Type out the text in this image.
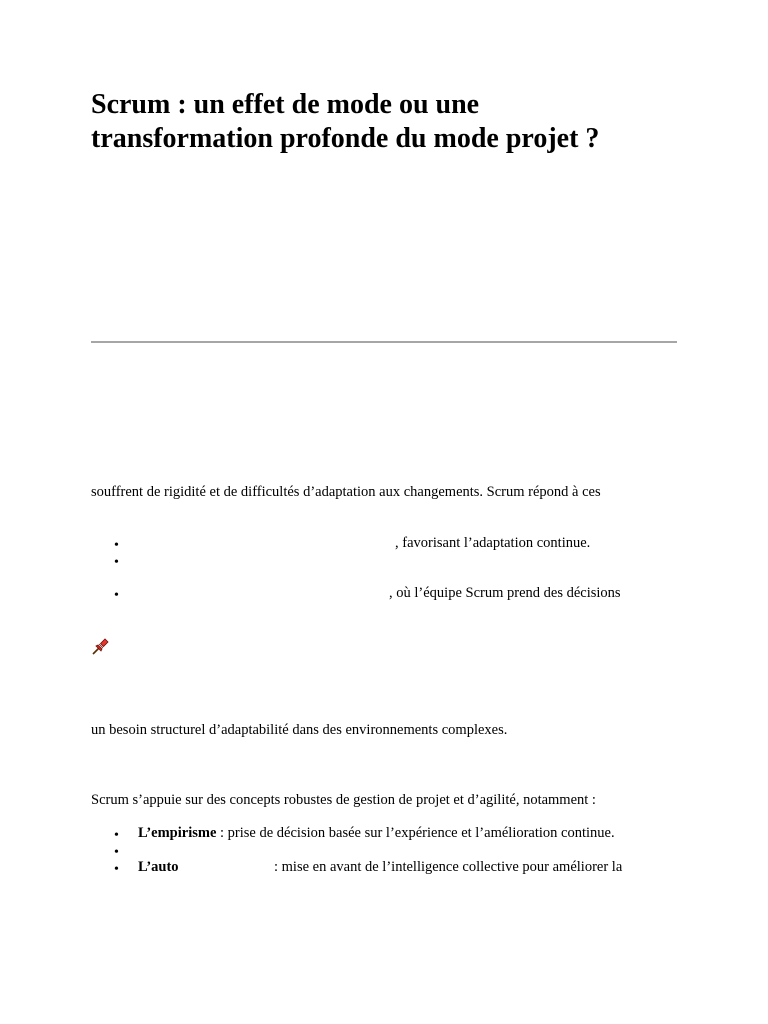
Scrum : un effet de mode ou une
transformation profonde du mode projet ?
souffrent de rigidité et de difficultés d’adaptation aux changements. Scrum répond à ces
•	, favorisant l’adaptation continue.
•
•	, où l’équipe Scrum prend des décisions
un besoin structurel d’adaptabilité dans des environnements complexes.
Scrum s’appuie sur des concepts robustes de gestion de projet et d’agilité, notamment :
• L’empirisme : prise de décision basée sur l’expérience et l’amélioration continue.
•
• L’auto	: mise en avant de l’intelligence collective pour améliorer la
